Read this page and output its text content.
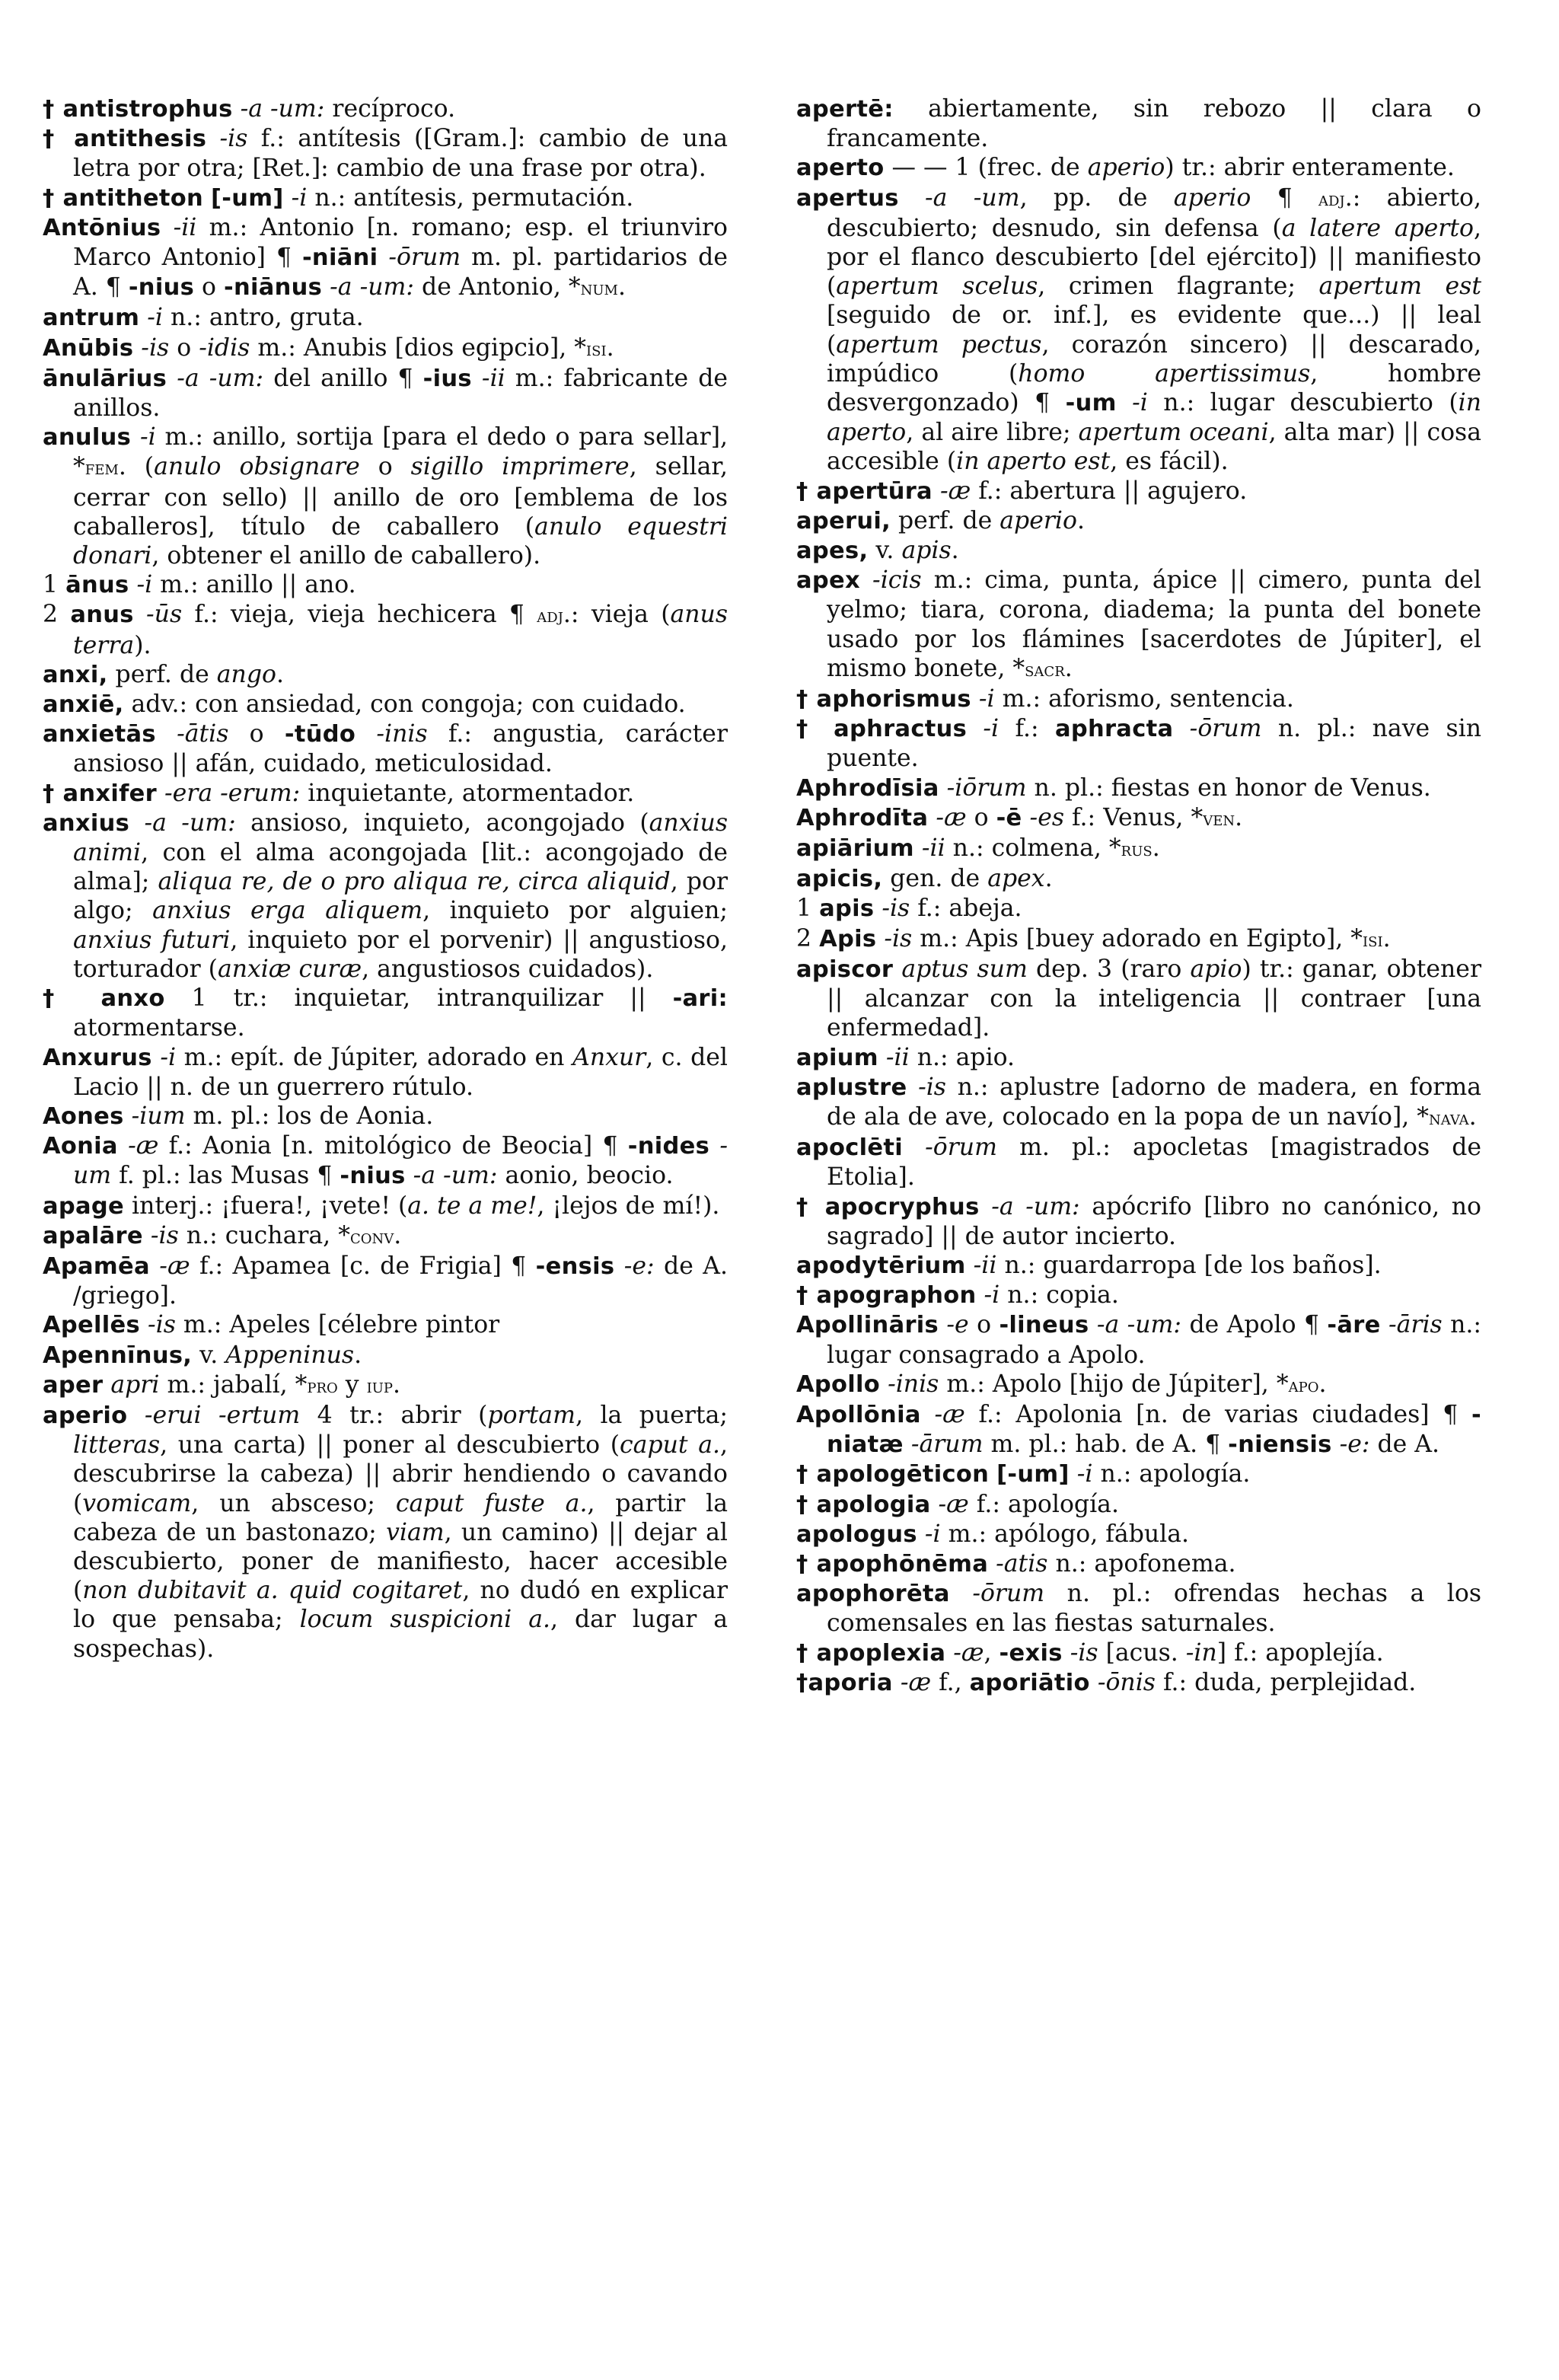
† antistrophus -a -um: recíproco.

† antithesis -is f.: antítesis ([Gram.]: cambio de una letra por otra; [Ret.]: cambio de una frase por otra).

† antitheton [-um] -i n.: antítesis, permutación.

Antōnius -ii m.: Antonio [n. romano; esp. el triunviro Marco Antonio] ¶ -niāni -ōrum m. pl. partidarios de A. ¶ -nius o -niānus -a -um: de Antonio, *num.

antrum -i n.: antro, gruta.

Anūbis -is o -idis m.: Anubis [dios egipcio], *isi.

ānulārius -a -um: del anillo ¶ -ius -ii m.: fabricante de anillos.

anulus -i m.: anillo, sortija [para el dedo o para sellar], *fem. (anulo obsignare o sigillo imprimere, sellar, cerrar con sello) || anillo de oro [emblema de los caballeros], título de caballero (anulo equestri donari, obtener el anillo de caballero).

1 ānus -i m.: anillo || ano.

2 anus -ūs f.: vieja, vieja hechicera ¶ adj.: vieja (anus terra).

anxi, perf. de ango.

anxiē, adv.: con ansiedad, con congoja; con cuidado.

anxietās -ātis o -tūdo -inis f.: angustia, carácter ansioso || afán, cuidado, meticulosidad.

† anxifer -era -erum: inquietante, atormentador.

anxius -a -um: ansioso, inquieto, acongojado (anxius animi, con el alma acongojada [lit.: acongojado de alma]; aliqua re, de o pro aliqua re, circa aliquid, por algo; anxius erga aliquem, inquieto por alguien; anxius futuri, inquieto por el porvenir) || angustioso, torturador (anxiæ curæ, angustiosos cuidados).

† anxo 1 tr.: inquietar, intranquilizar || -ari: atormentarse.

Anxurus -i m.: epít. de Júpiter, adorado en Anxur, c. del Lacio || n. de un guerrero rútulo.

Aones -ium m. pl.: los de Aonia.

Aonia -æ f.: Aonia [n. mitológico de Beocia] ¶ -nides -um f. pl.: las Musas ¶ -nius -a -um: aonio, beocio.

apage interj.: ¡fuera!, ¡vete! (a. te a me!, ¡lejos de mí!).

apalāre -is n.: cuchara, *conv.

Apamēa -æ f.: Apamea [c. de Frigia] ¶ -ensis -e: de A. /griego].

Apellēs -is m.: Apeles [célebre pintor

Apennīnus, v. Appeninus.

aper apri m.: jabalí, *pro y iup.

aperio -erui -ertum 4 tr.: abrir (portam, la puerta; litteras, una carta) || poner al descubierto (caput a., descubrirse la cabeza) || abrir hendiendo o cavando (vomicam, un absceso; caput fuste a., partir la cabeza de un bastonazo; viam, un camino) || dejar al descubierto, poner de manifiesto, hacer accesible (non dubitavit a. quid cogitaret, no dudó en explicar lo que pensaba; locum suspicioni a., dar lugar a sospechas).

apertē: abiertamente, sin rebozo || clara o francamente.

aperto — — 1 (frec. de aperio) tr.: abrir enteramente.

apertus -a -um, pp. de aperio ¶ adj.: abierto, descubierto; desnudo, sin defensa (a latere aperto, por el flanco descubierto [del ejército]) || manifiesto (apertum scelus, crimen flagrante; apertum est [seguido de or. inf.], es evidente que...) || leal (apertum pectus, corazón sincero) || descarado, impúdico (homo apertissimus, hombre desvergonzado) ¶ -um -i n.: lugar descubierto (in aperto, al aire libre; apertum oceani, alta mar) || cosa accesible (in aperto est, es fácil).

† apertūra -æ f.: abertura || agujero.

aperui, perf. de aperio.

apes, v. apis.

apex -icis m.: cima, punta, ápice || cimero, punta del yelmo; tiara, corona, diadema; la punta del bonete usado por los flámines [sacerdotes de Júpiter], el mismo bonete, *sacr.

† aphorismus -i m.: aforismo, sentencia.

† aphractus -i f.: aphracta -ōrum n. pl.: nave sin puente.

Aphrodīsia -iōrum n. pl.: fiestas en honor de Venus.

Aphrodīta -æ o -ē -es f.: Venus, *ven.

apiārium -ii n.: colmena, *rus.

apicis, gen. de apex.

1 apis -is f.: abeja.

2 Apis -is m.: Apis [buey adorado en Egipto], *isi.

apiscor aptus sum dep. 3 (raro apio) tr.: ganar, obtener || alcanzar con la inteligencia || contraer [una enfermedad].

apium -ii n.: apio.

aplustre -is n.: aplustre [adorno de madera, en forma de ala de ave, colocado en la popa de un navío], *nava.

apoclēti -ōrum m. pl.: apocletas [magistrados de Etolia].

† apocryphus -a -um: apócrifo [libro no canónico, no sagrado] || de autor incierto.

apodytērium -ii n.: guardarropa [de los baños].

† apographon -i n.: copia.

Apollināris -e o -lineus -a -um: de Apolo ¶ -āre -āris n.: lugar consagrado a Apolo.

Apollo -inis m.: Apolo [hijo de Júpiter], *apo.

Apollōnia -æ f.: Apolonia [n. de varias ciudades] ¶ -niatæ -ārum m. pl.: hab. de A. ¶ -niensis -e: de A.

† apologēticon [-um] -i n.: apología.

† apologia -æ f.: apología.

apologus -i m.: apólogo, fábula.

† apophōnēma -atis n.: apofonema.

apophorēta -ōrum n. pl.: ofrendas hechas a los comensales en las fiestas saturnales.

† apoplexia -æ, -exis -is [acus. -in] f.: apoplejía.

†aporia -æ f., aporiātio -ōnis f.: duda, perplejidad.
